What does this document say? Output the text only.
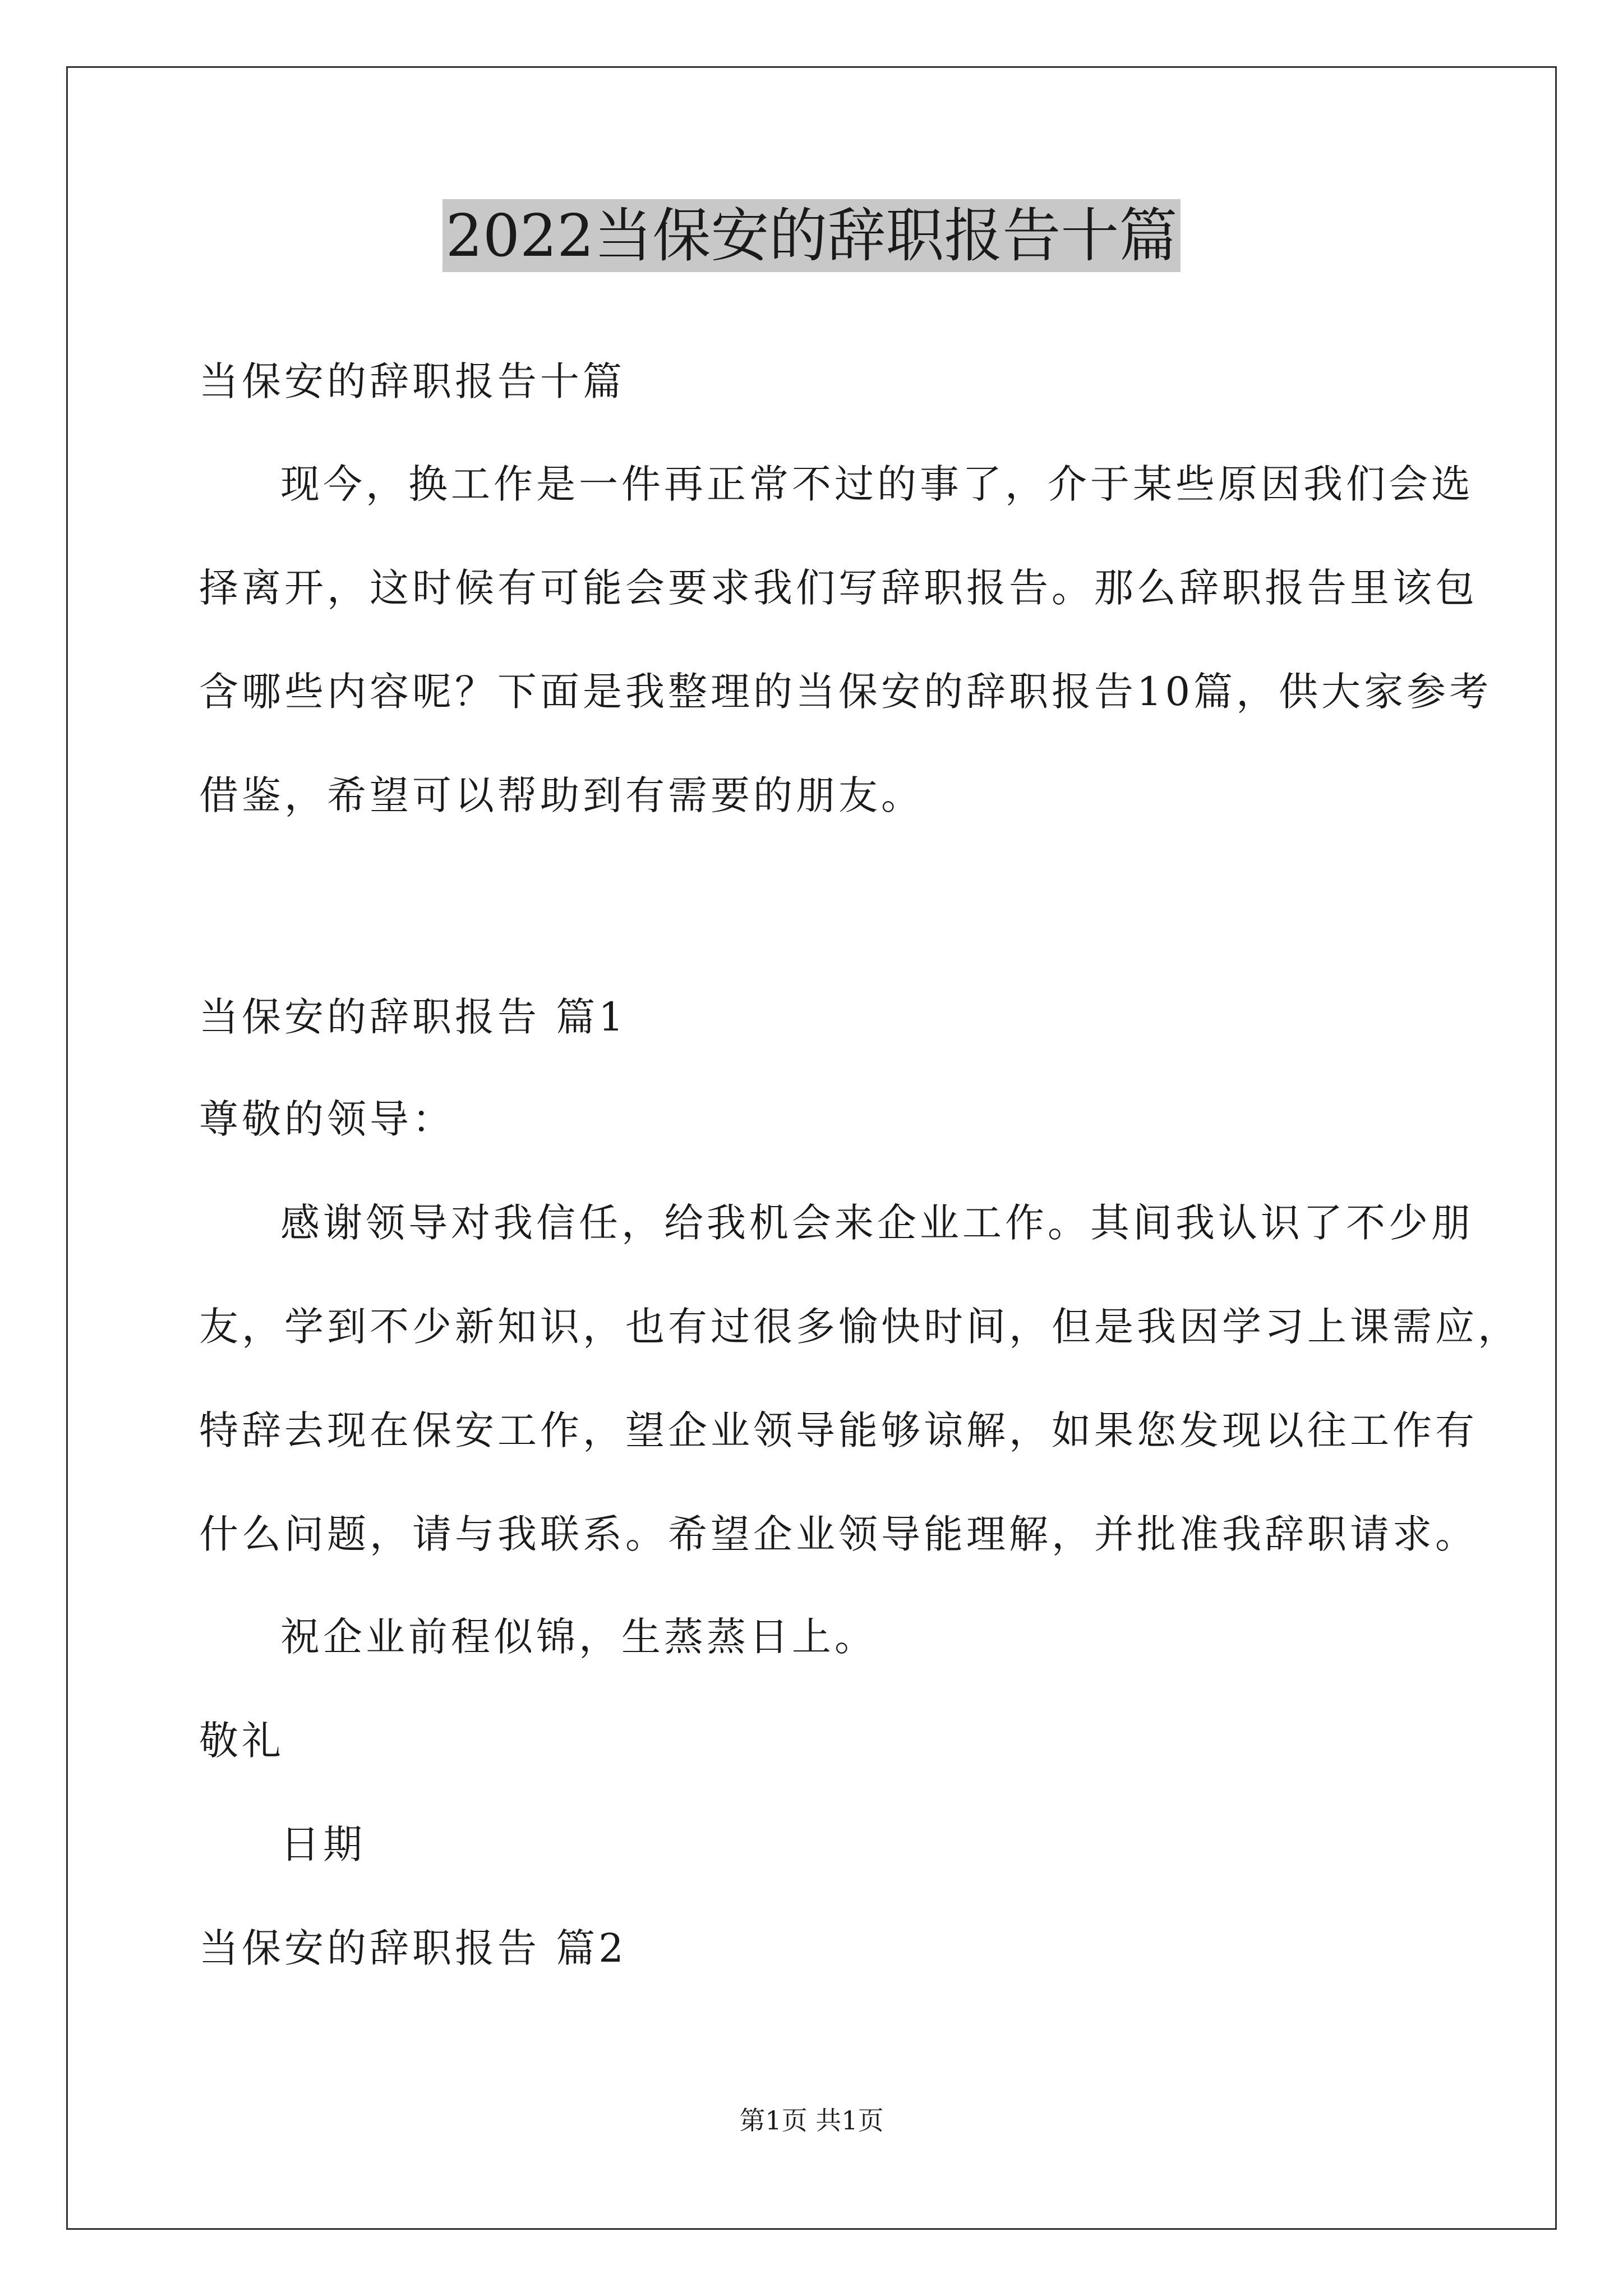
2022当保安的辞职报告十篇
当保安的辞职报告十篇
现今，换工作是一件再正常不过的事了，介于某些原因我们会选
择离开，这时候有可能会要求我们写辞职报告。那么辞职报告里该包
含哪些内容呢？下面是我整理的当保安的辞职报告10篇，供大家参考
借鉴，希望可以帮助到有需要的朋友。
当保安的辞职报告 篇1
尊敬的领导：
感谢领导对我信任，给我机会来企业工作。其间我认识了不少朋
友，学到不少新知识，也有过很多愉快时间，但是我因学习上课需应，
特辞去现在保安工作，望企业领导能够谅解，如果您发现以往工作有
什么问题，请与我联系。希望企业领导能理解，并批准我辞职请求。
祝企业前程似锦，生蒸蒸日上。
敬礼
日期
当保安的辞职报告 篇2
第1页 共1页
